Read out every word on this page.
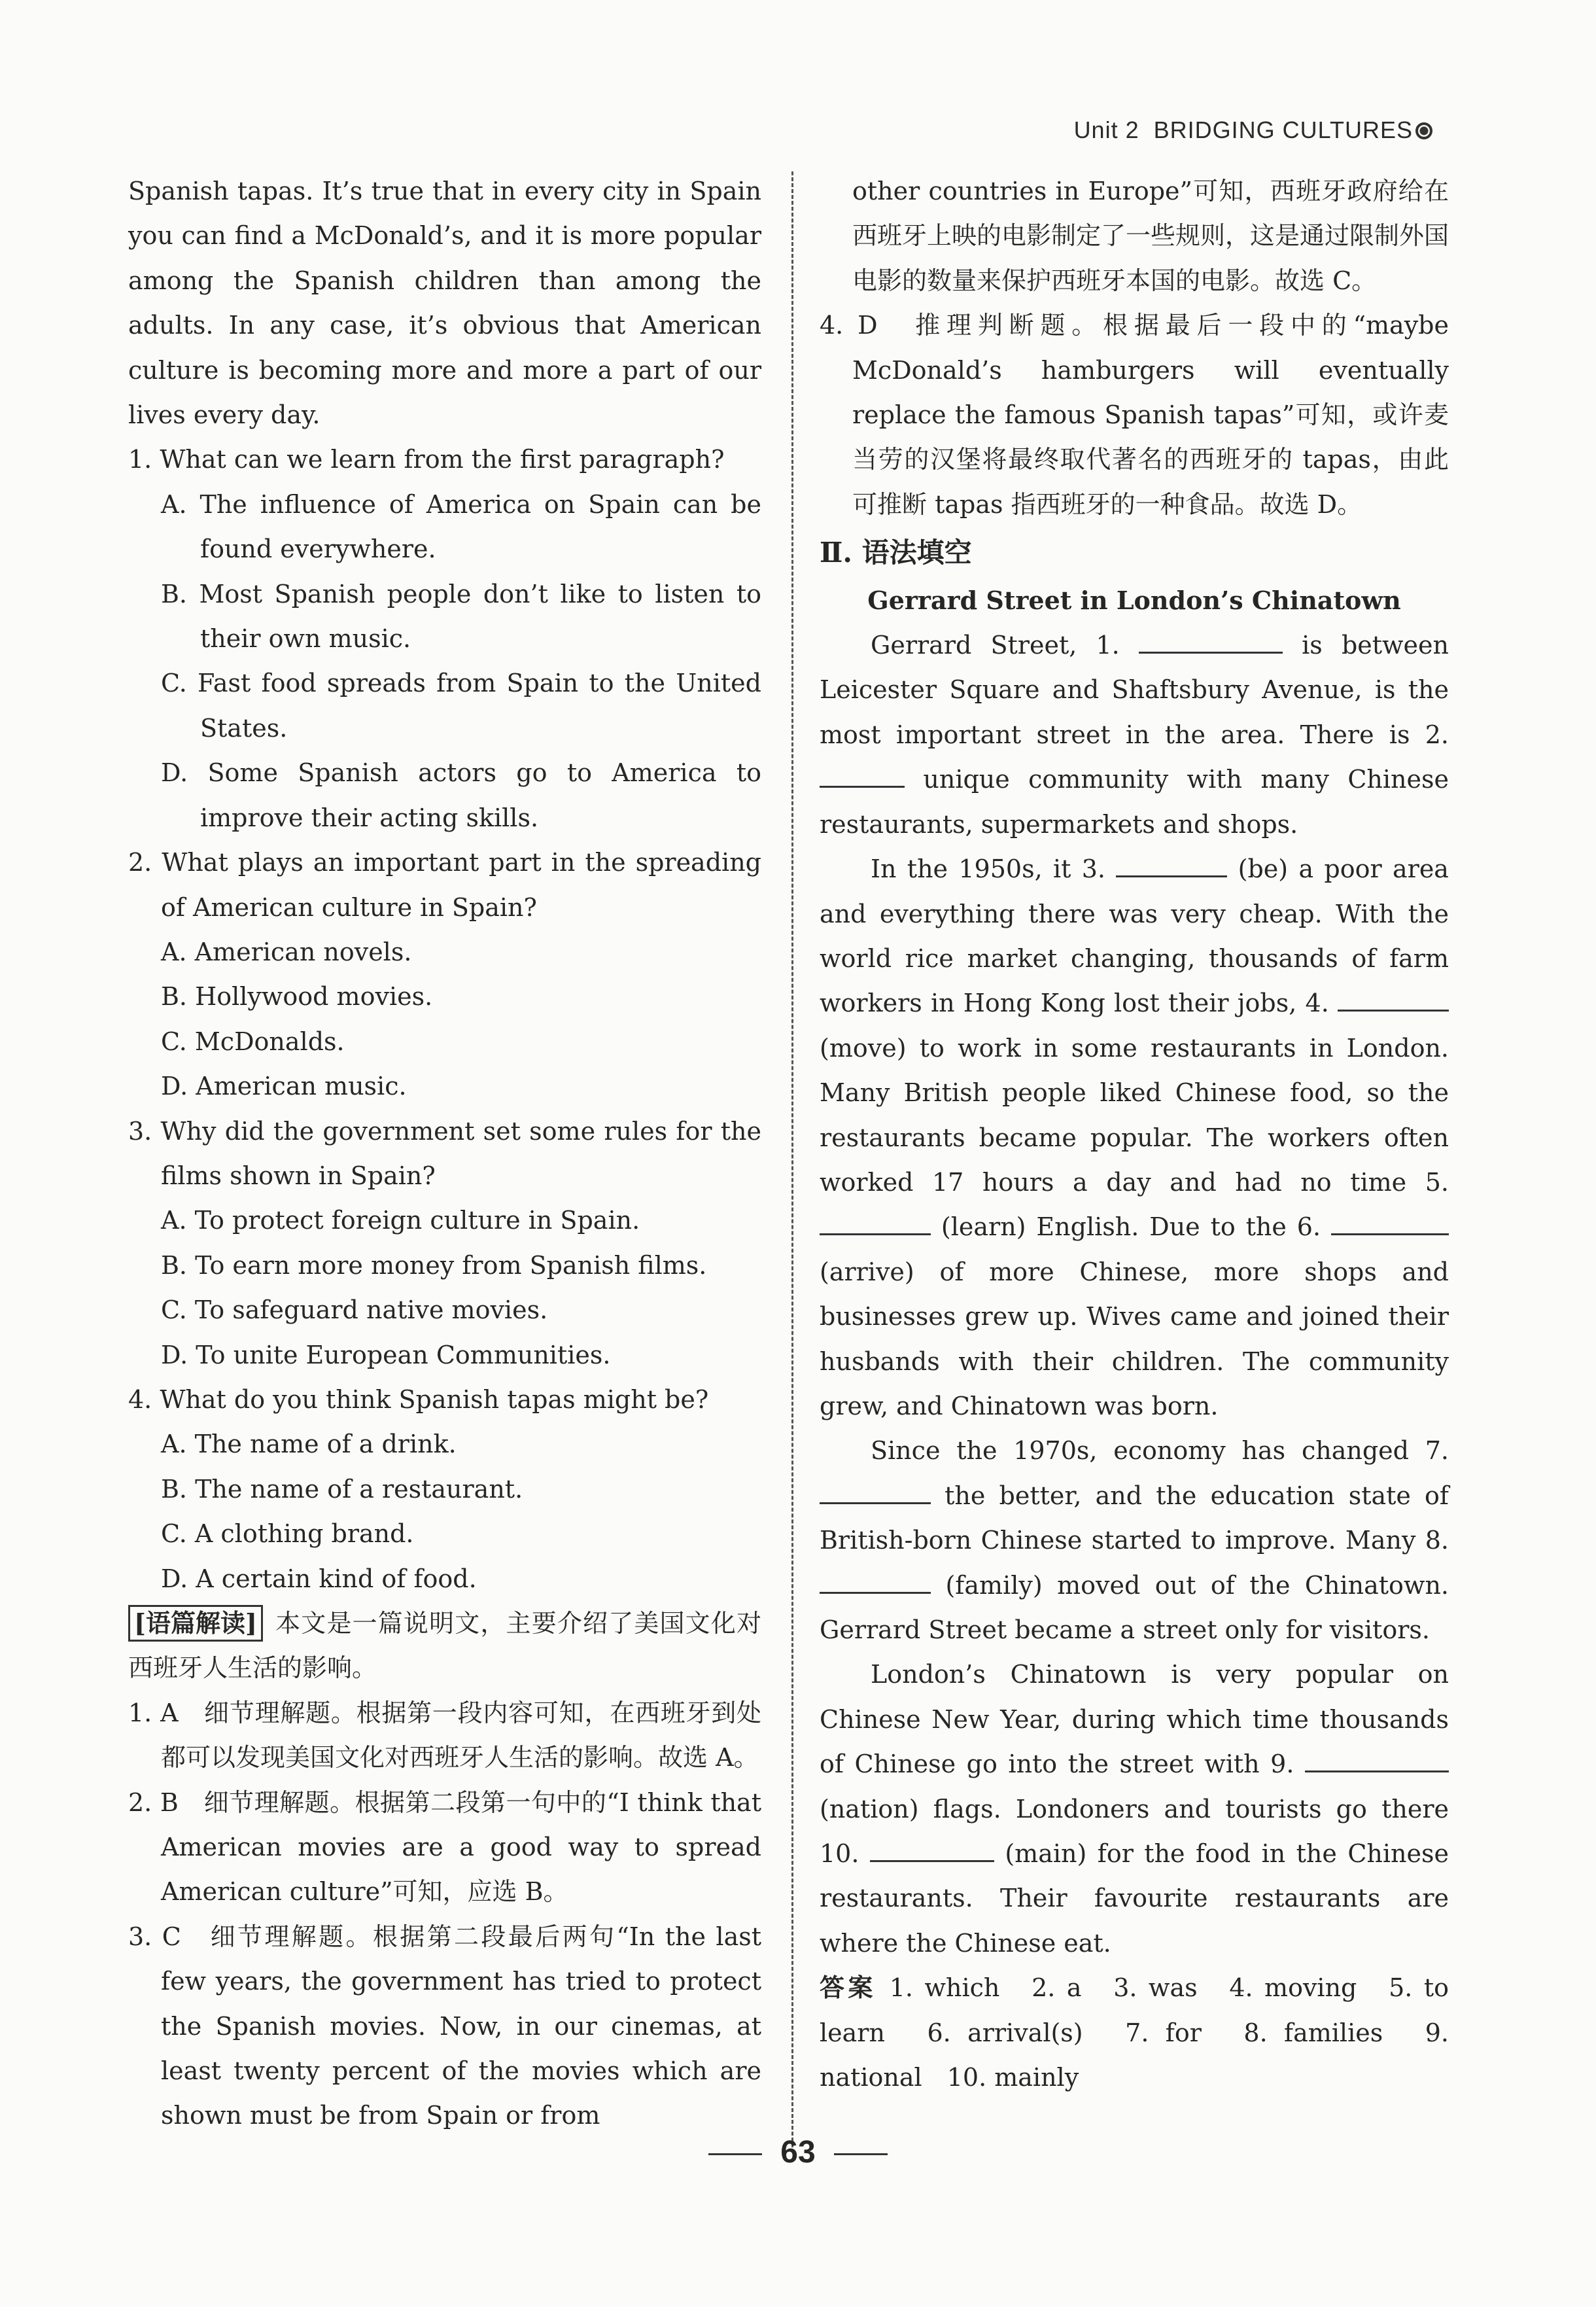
Unit 2 BRIDGING CULTURES

Spanish tapas. It’s true that in every city in Spain you can find a McDonald’s, and it is more popular among the Spanish children than among the adults. In any case, it’s obvious that American culture is becoming more and more a part of our lives every day.

1. What can we learn from the first paragraph?

A. The influence of America on Spain can be found everywhere.

B. Most Spanish people don’t like to listen to their own music.

C. Fast food spreads from Spain to the United States.

D. Some Spanish actors go to America to improve their acting skills.

2. What plays an important part in the spreading of American culture in Spain?

A. American novels.

B. Hollywood movies.

C. McDonalds.

D. American music.

3. Why did the government set some rules for the films shown in Spain?

A. To protect foreign culture in Spain.

B. To earn more money from Spanish films.

C. To safeguard native movies.

D. To unite European Communities.

4. What do you think Spanish tapas might be?

A. The name of a drink.

B. The name of a restaurant.

C. A clothing brand.

D. A certain kind of food.

[语篇解读] 本文是一篇说明文，主要介绍了美国文化对西班牙人生活的影响。

1. A　细节理解题。根据第一段内容可知，在西班牙到处都可以发现美国文化对西班牙人生活的影响。故选 A。

2. B　细节理解题。根据第二段第一句中的“I think that American movies are a good way to spread American culture”可知，应选 B。

3. C　细节理解题。根据第二段最后两句“In the last few years, the government has tried to protect the Spanish movies. Now, in our cinemas, at least twenty percent of the movies which are shown must be from Spain or from

other countries in Europe”可知，西班牙政府给在西班牙上映的电影制定了一些规则，这是通过限制外国电影的数量来保护西班牙本国的电影。故选 C。

4. D　推理判断题。根据最后一段中的“maybe McDonald’s hamburgers will eventually replace the famous Spanish tapas”可知，或许麦当劳的汉堡将最终取代著名的西班牙的 tapas，由此可推断 tapas 指西班牙的一种食品。故选 D。

Ⅱ. 语法填空

Gerrard Street in London’s Chinatown

Gerrard Street, 1.	is between Leicester Square and Shaftsbury Avenue, is the most important street in the area. There is 2.  unique community with many Chinese restaurants, supermarkets and shops.

In the 1950s, it 3.	(be) a poor area and everything there was very cheap. With the world rice market changing, thousands of farm workers in Hong Kong lost their jobs, 4.  (move) to work in some restaurants in London. Many British people liked Chinese food, so the restaurants became popular. The workers often worked 17 hours a day and had no time 5.  (learn) English. Due to the 6.  (arrive) of more Chinese, more shops and businesses grew up. Wives came and joined their husbands with their children. The community grew, and Chinatown was born.

Since the 1970s, economy has changed 7.  the better, and the education state of British-born Chinese started to improve. Many 8.  (family) moved out of the Chinatown. Gerrard Street became a street only for visitors.

London’s Chinatown is very popular on Chinese New Year, during which time thousands of Chinese go into the street with 9.  (nation) flags. Londoners and tourists go there 10.	(main) for the food in the Chinese restaurants. Their favourite restaurants are where the Chinese eat.

答案 1. which　2. a　3. was　4. moving　5. to learn　6. arrival(s)　7. for　8. families　9. national　10. mainly

63
